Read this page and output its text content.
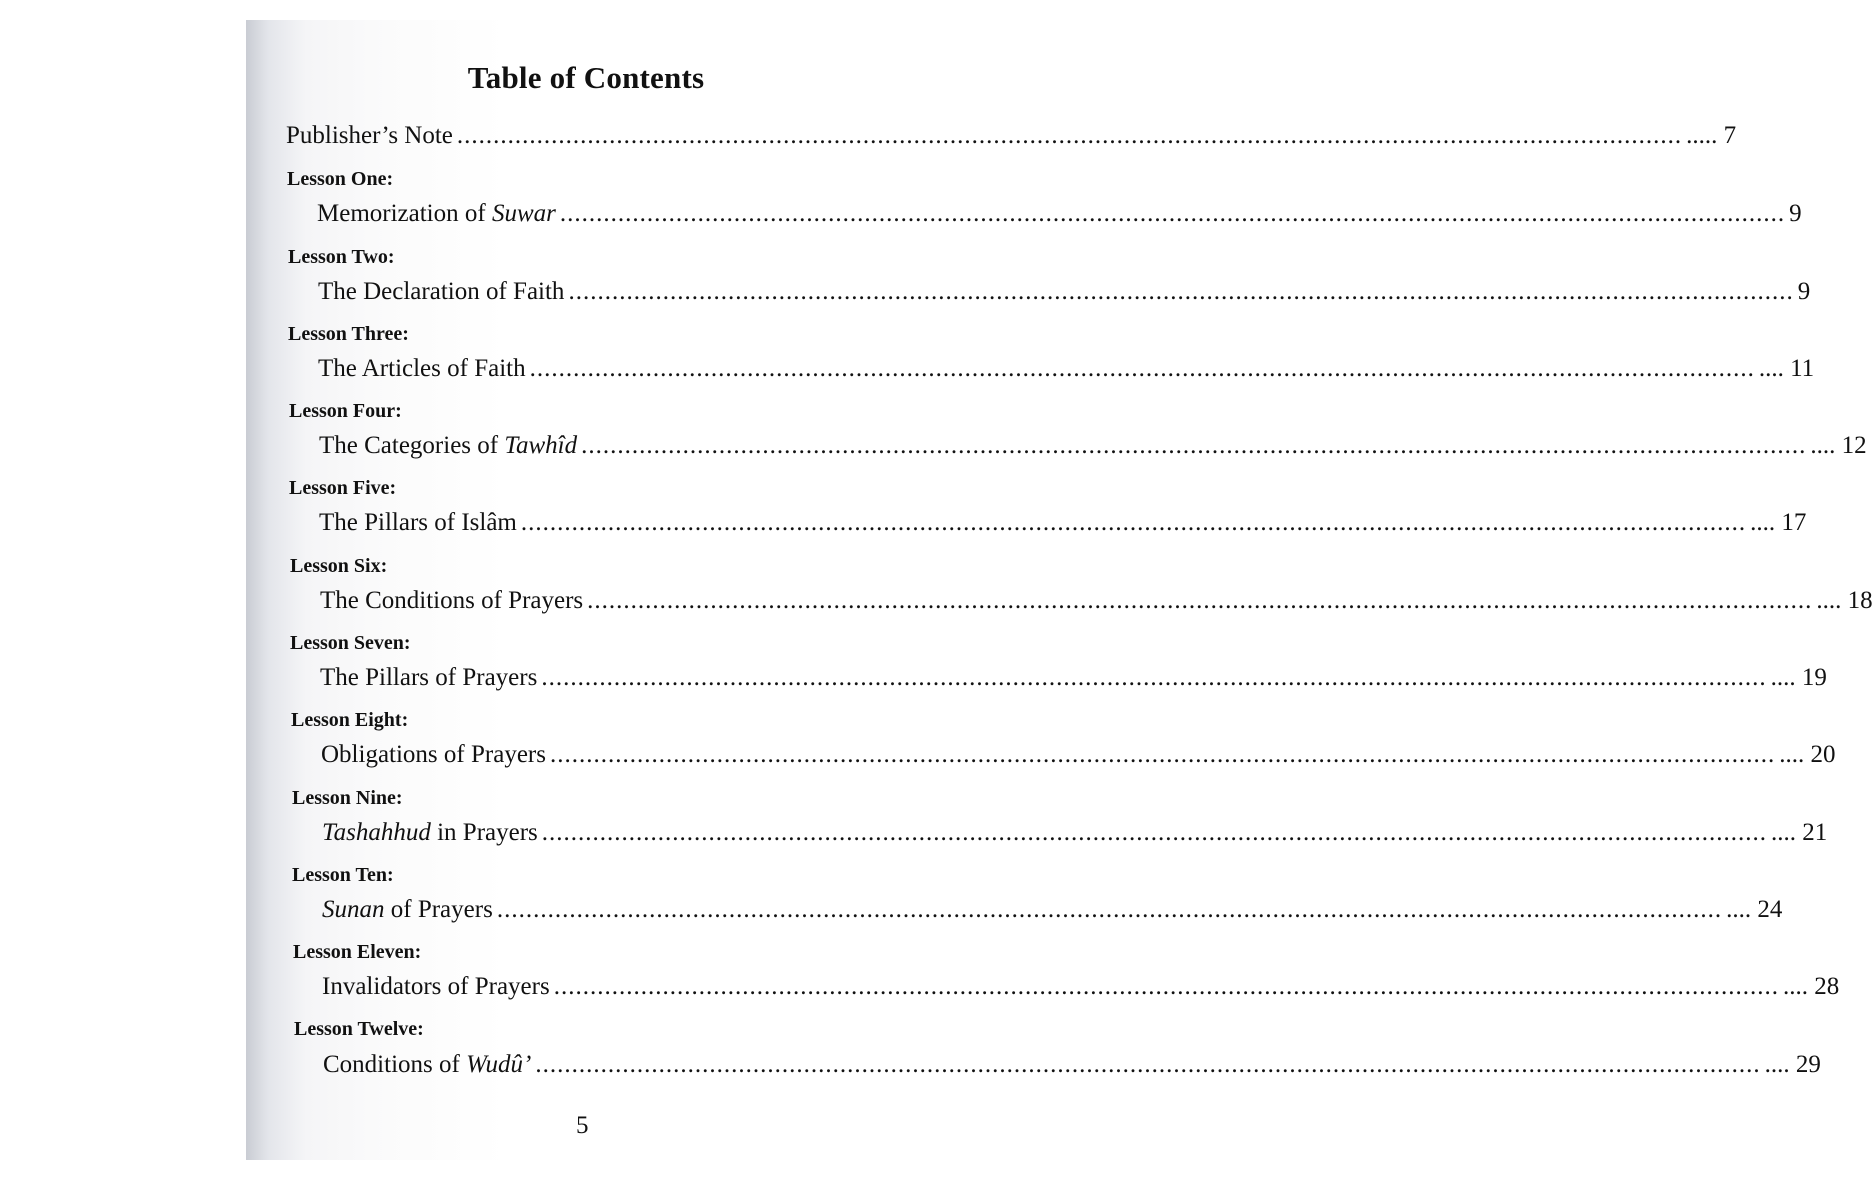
Table of Contents
Publisher’s Note ......................................................................................................................................................................... ..... 7
Lesson One:
Memorization of Suwar ......................................................................................................................................................................... 9
Lesson Two:
The Declaration of Faith ......................................................................................................................................................................... 9
Lesson Three:
The Articles of Faith ......................................................................................................................................................................... .... 11
Lesson Four:
The Categories of Tawhîd ......................................................................................................................................................................... .... 12
Lesson Five:
The Pillars of Islâm ......................................................................................................................................................................... .... 17
Lesson Six:
The Conditions of Prayers ......................................................................................................................................................................... .... 18
Lesson Seven:
The Pillars of Prayers ......................................................................................................................................................................... .... 19
Lesson Eight:
Obligations of Prayers ......................................................................................................................................................................... .... 20
Lesson Nine:
Tashahhud in Prayers ......................................................................................................................................................................... .... 21
Lesson Ten:
Sunan of Prayers ......................................................................................................................................................................... .... 24
Lesson Eleven:
Invalidators of Prayers ......................................................................................................................................................................... .... 28
Lesson Twelve:
Conditions of Wudû’ ......................................................................................................................................................................... .... 29
5
